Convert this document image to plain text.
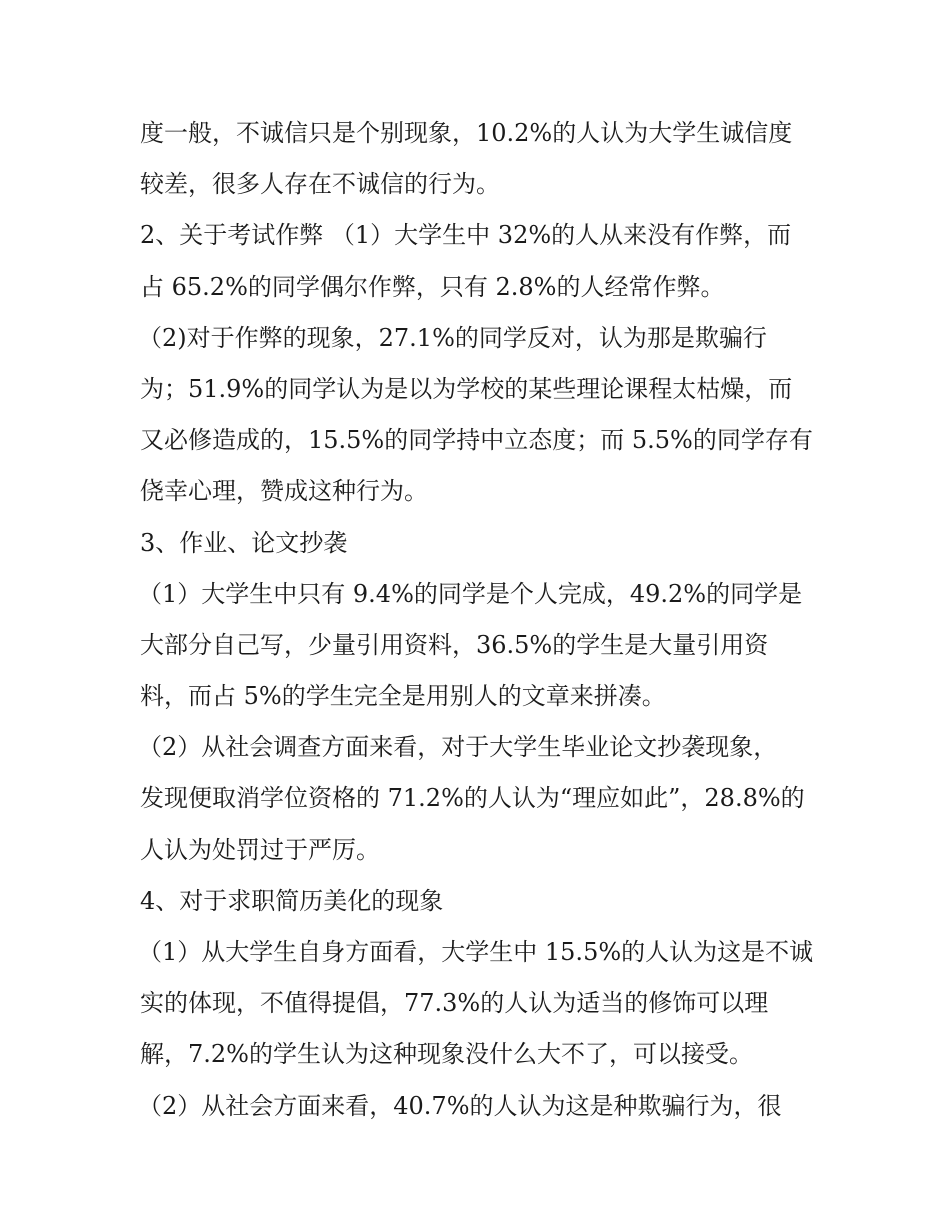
度一般，不诚信只是个别现象，10.2%的人认为大学生诚信度
较差，很多人存在不诚信的行为。
2、关于考试作弊 （1）大学生中 32%的人从来没有作弊，而
占 65.2%的同学偶尔作弊，只有 2.8%的人经常作弊。
（2)对于作弊的现象，27.1%的同学反对，认为那是欺骗行
为；51.9%的同学认为是以为学校的某些理论课程太枯燥，而
又必修造成的，15.5%的同学持中立态度；而 5.5%的同学存有
侥幸心理，赞成这种行为。
3、作业、论文抄袭
（1）大学生中只有 9.4%的同学是个人完成，49.2%的同学是
大部分自己写，少量引用资料，36.5%的学生是大量引用资
料，而占 5%的学生完全是用别人的文章来拼凑。
（2）从社会调查方面来看，对于大学生毕业论文抄袭现象，
发现便取消学位资格的 71.2%的人认为“理应如此”，28.8%的
人认为处罚过于严厉。
4、对于求职简历美化的现象
（1）从大学生自身方面看，大学生中 15.5%的人认为这是不诚
实的体现，不值得提倡，77.3%的人认为适当的修饰可以理
解，7.2%的学生认为这种现象没什么大不了，可以接受。
（2）从社会方面来看，40.7%的人认为这是种欺骗行为，很
